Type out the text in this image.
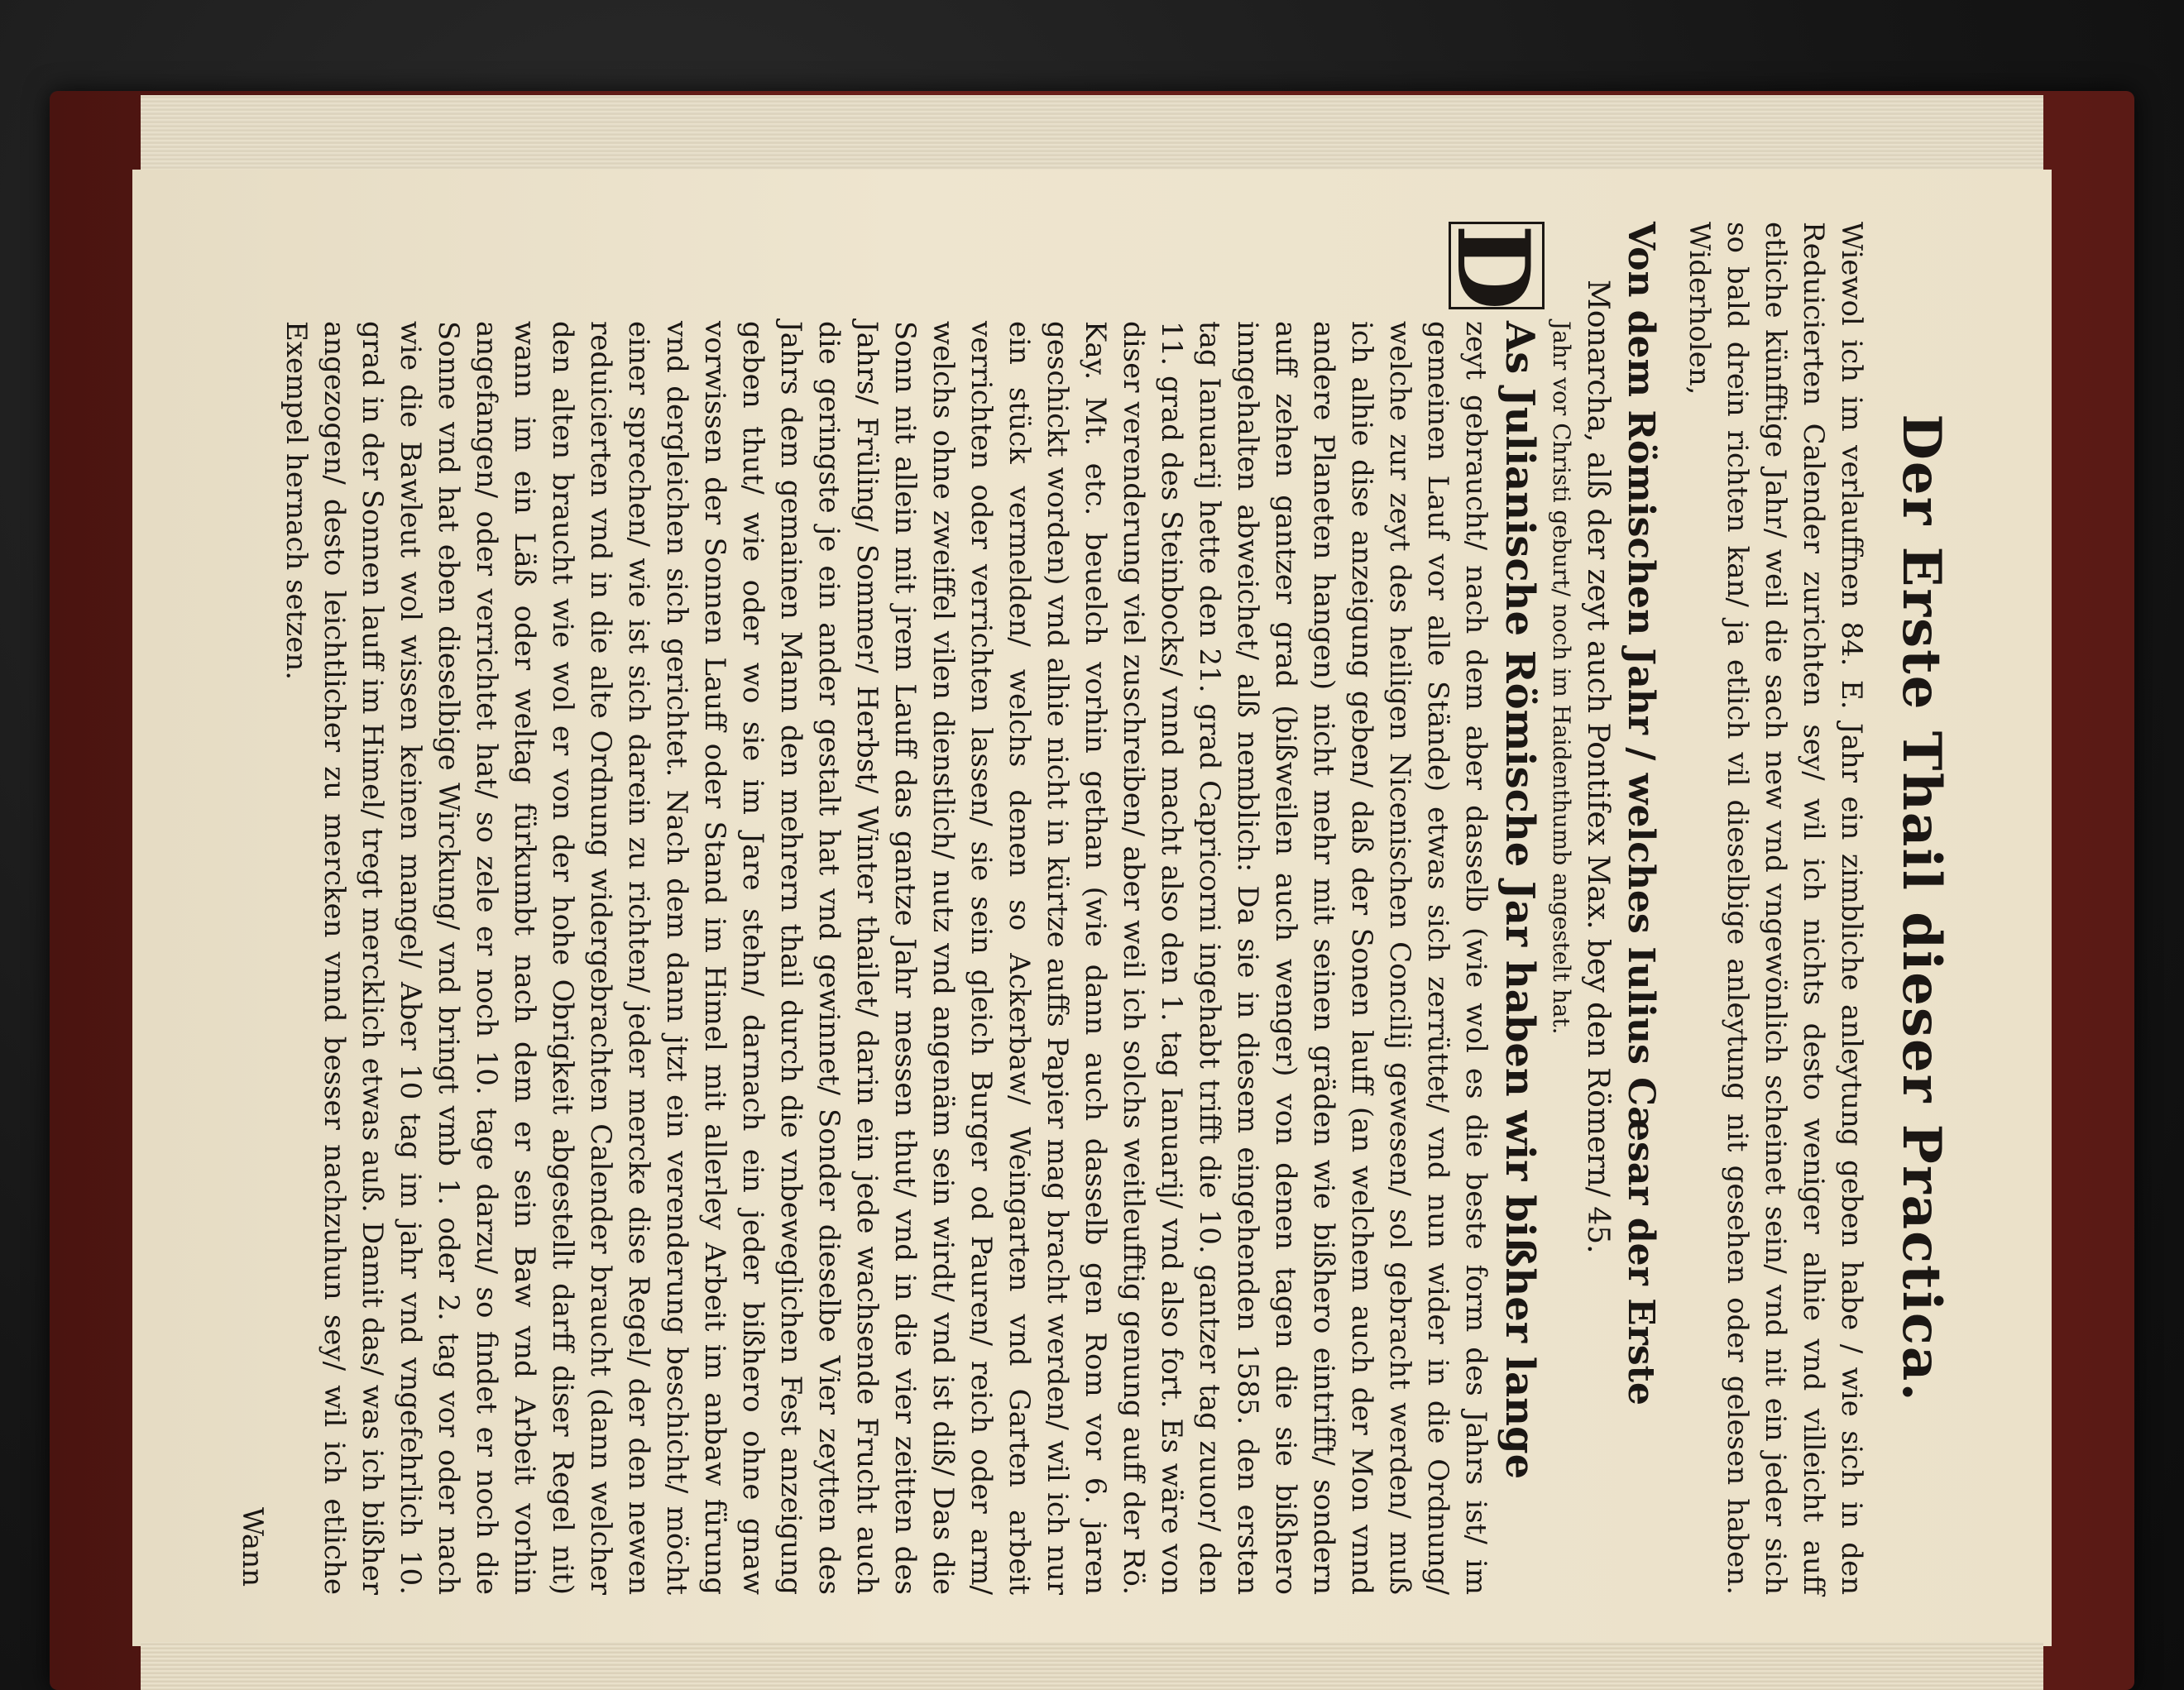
Der Erste Thail dieser Practica.

Wiewol ich im verlauffnen 84. E. Jahr ein zimbliche anleytung geben habe / wie sich in den Reduicierten Calender zurichten sey/ wil ich nichts desto weniger alhie vnd villeicht auff etliche künfftige Jahr/ weil die sach new vnd vngewönlich scheinet sein/ vnd nit ein jeder sich so bald drein richten kan/ ja etlich vil dieselbige anleytung nit gesehen oder gelesen haben. Widerholen,

Von dem Römischen Jahr / welches Iulius Cæsar der Erste
Monarcha, alß der zeyt auch Pontifex Max. bey den Römern/ 45.
Jahr vor Christi geburt/ noch im Haidenthumb angestelt hat.
D
As Julianische Römische Jar haben wir bißher lange

zeyt gebraucht/ nach dem aber dasselb (wie wol es die beste form des Jahrs ist/ im gemeinen Lauf vor alle Stände) etwas sich zerrüttet/ vnd nun wider in die Ordnung/ welche zur zeyt des heiligen Nicenischen Concilij gewesen/ sol gebracht werden/ muß ich alhie dise anzeigung geben/ daß der Sonen lauff (an welchem auch der Mon vnnd andere Planeten hangen) nicht mehr mit seinen gräden wie bißhero eintrifft/ sondern auff zehen gantzer grad (bißweilen auch wenger) von denen tagen die sie bißhero inngehalten abweichet/ alß nemblich: Da sie in diesem eingehenden 1585. den ersten tag Ianuarij hette den 21. grad Capricorni ingehabt trifft die 10. gantzer tag zuuor/ den 11. grad des Steinbocks/ vnnd macht also den 1. tag Ianuarij/ vnd also fort. Es wäre von diser verenderung viel zuschreiben/ aber weil ich solchs weitleufftig genung auff der Rö. Kay. Mt. etc. beuelch vorhin gethan (wie dann auch dasselb gen Rom vor 6. jaren geschickt worden) vnd alhie nicht in kürtze auffs Papier mag bracht werden/ wil ich nur ein stück vermelden/ welchs denen so Ackerbaw/ Weingarten vnd Garten arbeit verrichten oder verrichten lassen/ sie sein gleich Burger od Pauren/ reich oder arm/ welchs ohne zweiffel vilen dienstlich/ nutz vnd angenäm sein wirdt/ vnd ist diß/ Das die Sonn nit allein mit jrem Lauff das gantze Jahr messen thut/ vnd in die vier zeitten des Jahrs/ Früling/ Sommer/ Herbst/ Winter thailet/ darin ein jede wachsende Frucht auch die geringste je ein ander gestalt hat vnd gewinnet/ Sonder dieselbe Vier zeytten des Jahrs dem gemainen Mann den mehrern thail durch die vnbeweglichen Fest anzeigung geben thut/ wie oder wo sie im Jare stehn/ darnach ein jeder bißhero ohne gnaw vorwissen der Sonnen Lauff oder Stand im Himel mit allerley Arbeit im anbaw fürung vnd dergleichen sich gerichtet. Nach dem dann jtzt ein verenderung beschicht/ möcht einer sprechen/ wie ist sich darein zu richten/ jeder mercke dise Regel/ der den newen reduicierten vnd in die alte Ordnung widergebrachten Calender braucht (dann welcher den alten braucht wie wol er von der hohe Obrigkeit abgestellt darff diser Regel nit) wann im ein Läß oder weltag fürkumbt nach dem er sein Baw vnd Arbeit vorhin angefangen/ oder verrichtet hat/ so zele er noch 10. tage darzu/ so findet er noch die Sonne vnd hat eben dieselbige Wirckung/ vnd bringt vmb 1. oder 2. tag vor oder nach wie die Bawleut wol wissen keinen mangel/ Aber 10 tag im jahr vnd vngefehrlich 10. grad in der Sonnen lauff im Himel/ tregt mercklich etwas auß. Damit das/ was ich bißher angezogen/ desto leichtlicher zu mercken vnnd besser nachzuhun sey/ wil ich etliche Exempel hernach setzen.

Wann
